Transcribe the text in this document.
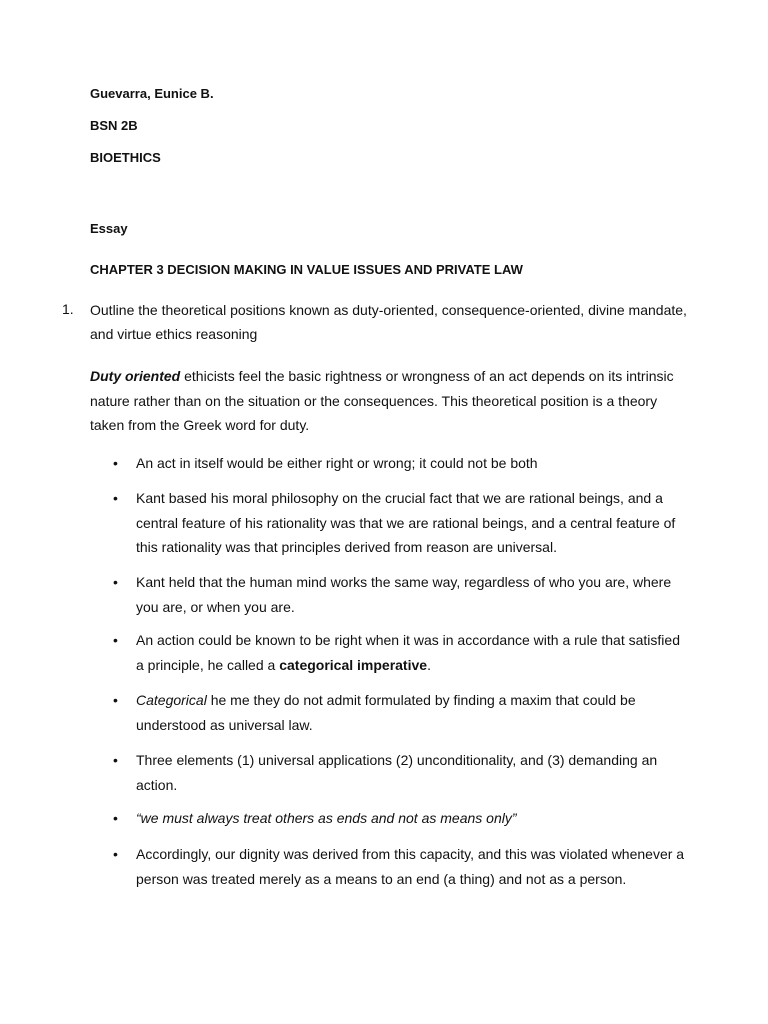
Guevarra, Eunice B.
BSN 2B
BIOETHICS
Essay
CHAPTER 3 DECISION MAKING IN VALUE ISSUES AND PRIVATE LAW
1. Outline the theoretical positions known as duty-oriented, consequence-oriented, divine mandate, and virtue ethics reasoning
Duty oriented ethicists feel the basic rightness or wrongness of an act depends on its intrinsic nature rather than on the situation or the consequences. This theoretical position is a theory taken from the Greek word for duty.
• An act in itself would be either right or wrong; it could not be both
• Kant based his moral philosophy on the crucial fact that we are rational beings, and a central feature of his rationality was that we are rational beings, and a central feature of this rationality was that principles derived from reason are universal.
• Kant held that the human mind works the same way, regardless of who you are, where you are, or when you are.
• An action could be known to be right when it was in accordance with a rule that satisfied a principle, he called a categorical imperative.
• Categorical he me they do not admit formulated by finding a maxim that could be understood as universal law.
• Three elements (1) universal applications (2) unconditionality, and (3) demanding an action.
• “we must always treat others as ends and not as means only”
• Accordingly, our dignity was derived from this capacity, and this was violated whenever a person was treated merely as a means to an end (a thing) and not as a person.
